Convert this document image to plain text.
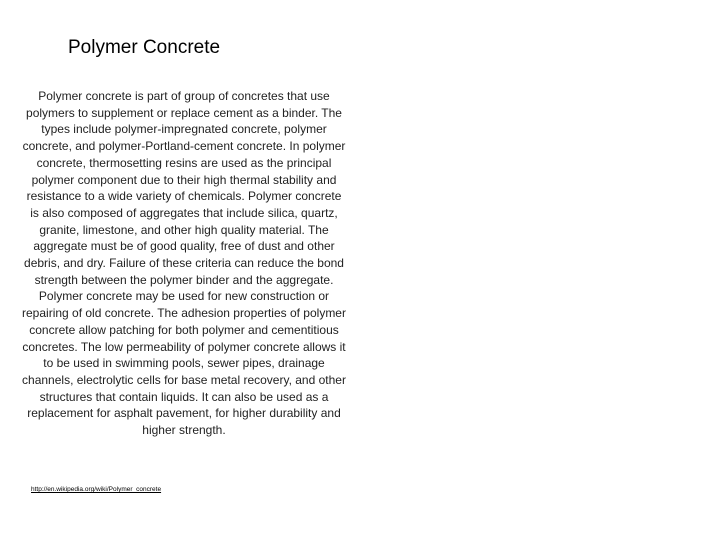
Polymer Concrete
Polymer concrete is part of group of concretes that use polymers to supplement or replace cement as a binder. The types include polymer-impregnated concrete, polymer concrete, and polymer-Portland-cement concrete. In polymer concrete, thermosetting resins are used as the principal polymer component due to their high thermal stability and resistance to a wide variety of chemicals. Polymer concrete is also composed of aggregates that include silica, quartz, granite, limestone, and other high quality material. The aggregate must be of good quality, free of dust and other debris, and dry. Failure of these criteria can reduce the bond strength between the polymer binder and the aggregate. Polymer concrete may be used for new construction or repairing of old concrete. The adhesion properties of polymer concrete allow patching for both polymer and cementitious concretes. The low permeability of polymer concrete allows it to be used in swimming pools, sewer pipes, drainage channels, electrolytic cells for base metal recovery, and other structures that contain liquids. It can also be used as a replacement for asphalt pavement, for higher durability and higher strength.
http://en.wikipedia.org/wiki/Polymer_concrete
